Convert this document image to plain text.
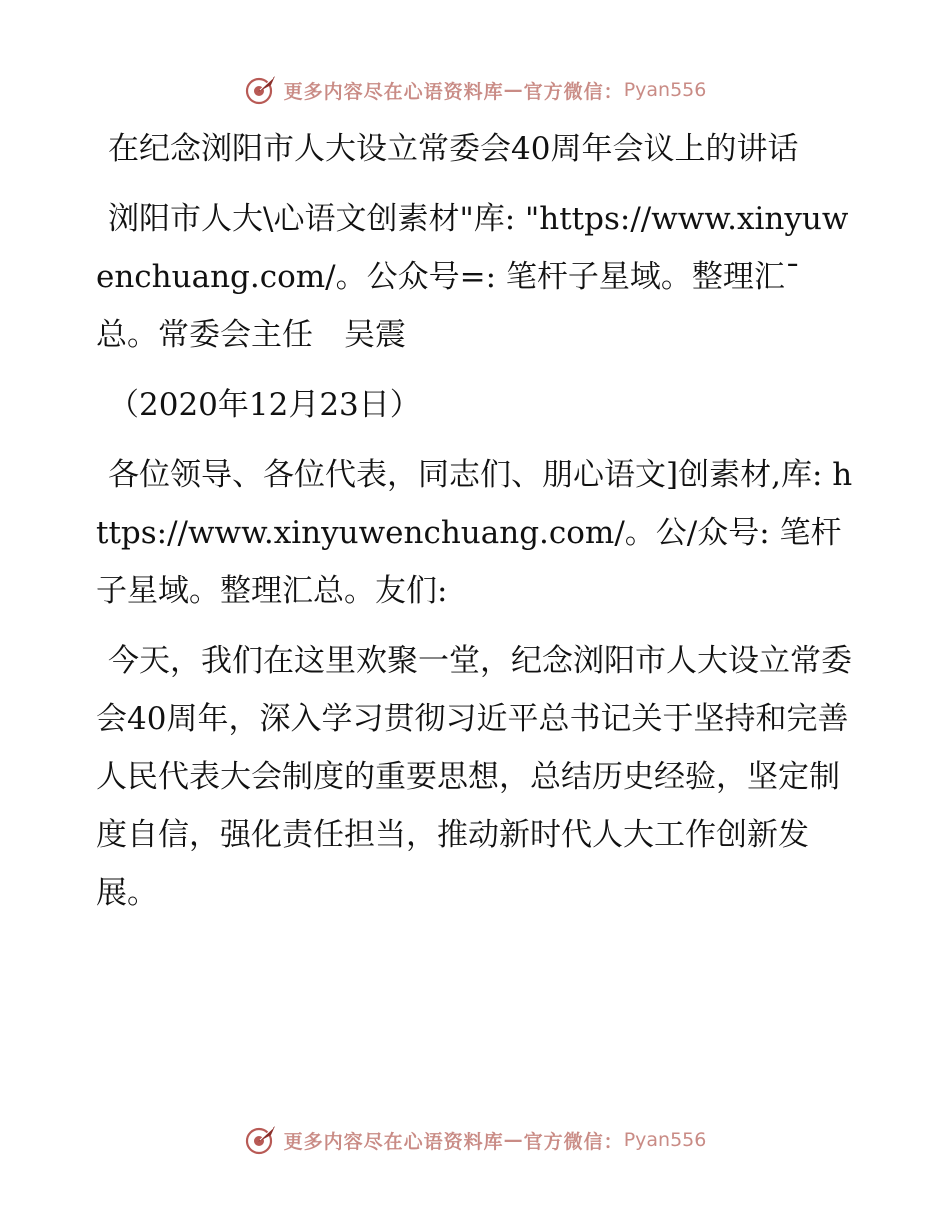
更多内容尽在心语资料库 — 官方微信： Pyan556

在纪念浏阳市人大设立常委会40周年会议上的讲话

浏阳市人大\心语文创素材"库: "https://www.xinyuwenchuang.com/。公众号=: 笔杆子星域。整理汇¯总。常委会主任　吴震

（2020年12月23日）

各位领导、各位代表，同志们、朋心语文]创素材,库: https://www.xinyuwenchuang.com/。公/众号: 笔杆子星域。整理汇总。友们:

今天，我们在这里欢聚一堂，纪念浏阳市人大设立常委会40周年，深入学习贯彻习近平总书记关于坚持和完善人民代表大会制度的重要思想，总结历史经验，坚定制度自信，强化责任担当，推动新时代人大工作创新发展。

更多内容尽在心语资料库 — 官方微信： Pyan556
